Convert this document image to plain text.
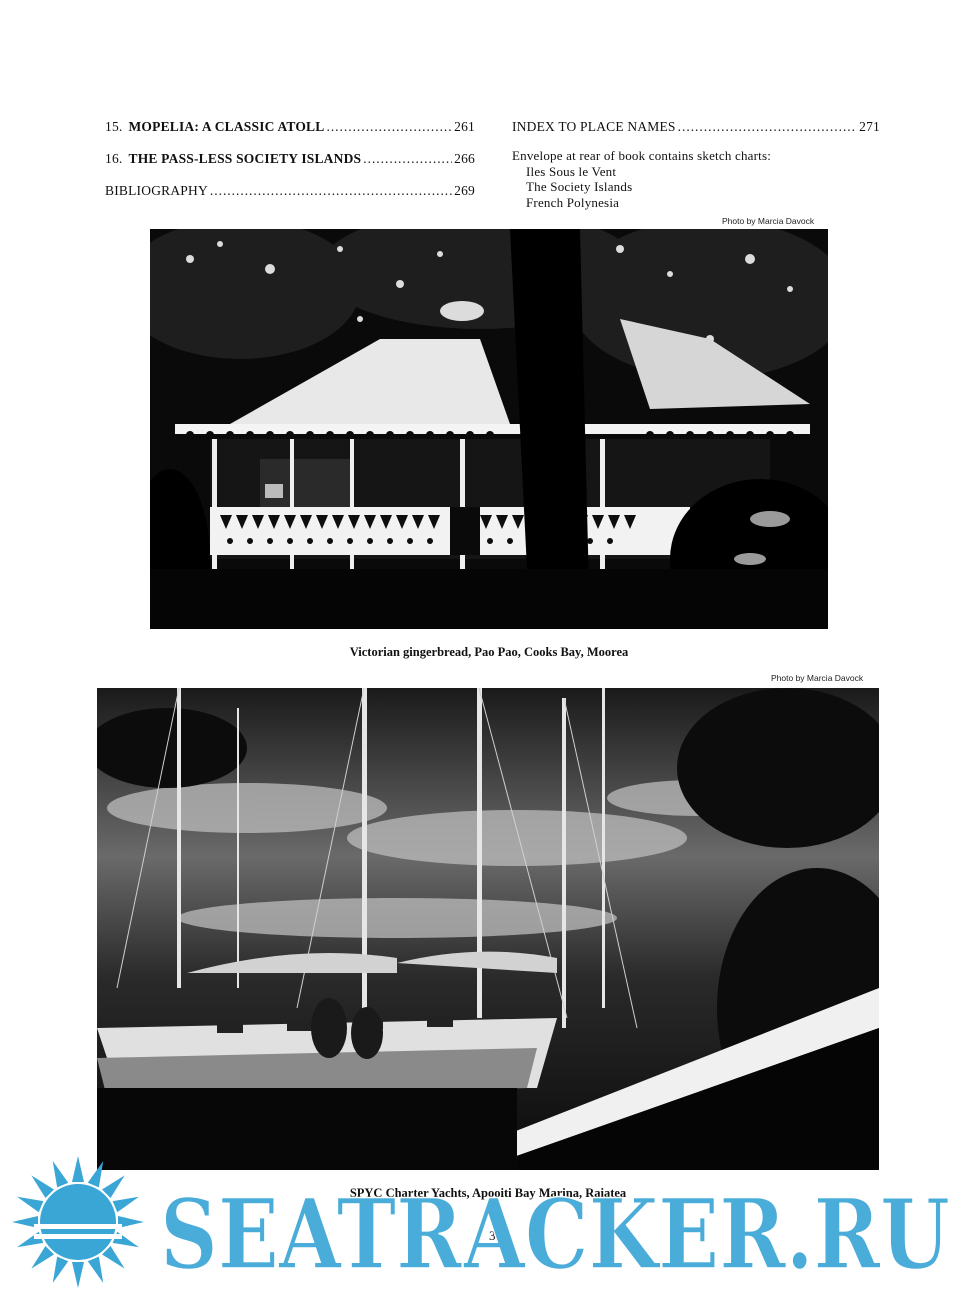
15. MOPELIA: A CLASSIC ATOLL . . .	261
16. THE PASS-LESS SOCIETY ISLANDS . . .	266
BIBLIOGRAPHY . . .	269
INDEX TO PLACE NAMES . . .	271
Envelope at rear of book contains sketch charts:
Iles Sous le Vent
The Society Islands
French Polynesia
Photo by Marcia Davock
Victorian gingerbread, Pao Pao, Cooks Bay, Moorea
Photo by Marcia Davock
SPYC Charter Yachts, Apooiti Bay Marina, Raiatea
3
SEATRACKER.RU
